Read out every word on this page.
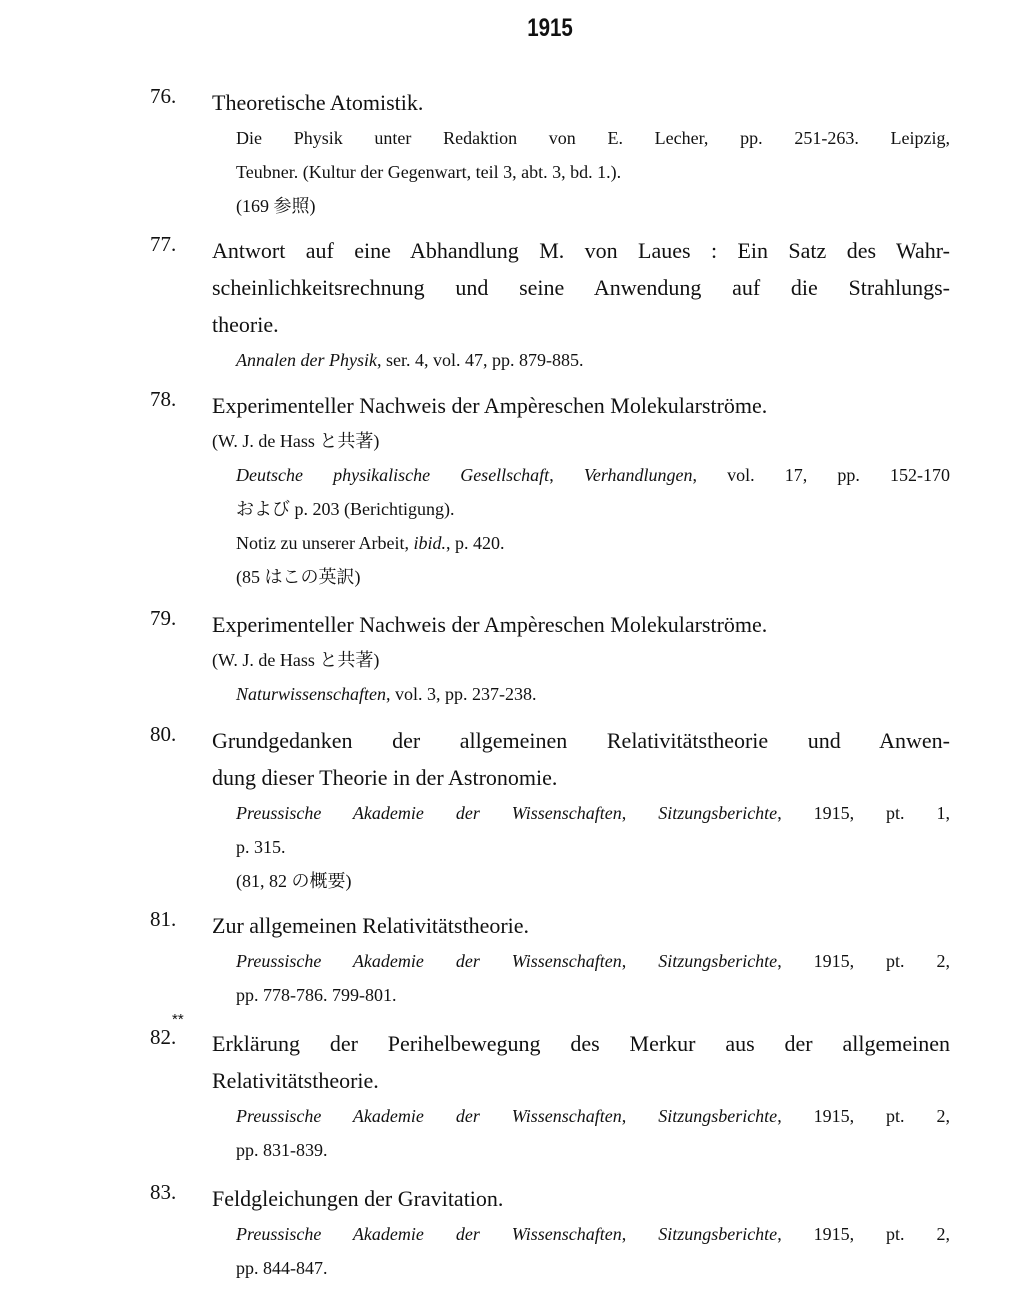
1915
76. Theoretische Atomistik.
Die Physik unter Redaktion von E. Lecher, pp. 251-263. Leipzig,
Teubner. (Kultur der Gegenwart, teil 3, abt. 3, bd. 1.).
(169 参照)
77. Antwort auf eine Abhandlung M. von Laues : Ein Satz des Wahr-
scheinlichkeitsrechnung und seine Anwendung auf die Strahlungs-
theorie.
Annalen der Physik, ser. 4, vol. 47, pp. 879-885.
78. Experimenteller Nachweis der Ampèreschen Molekularströme.
(W. J. de Hass と共著)
Deutsche physikalische Gesellschaft, Verhandlungen, vol. 17, pp. 152-170
および p. 203 (Berichtigung).
Notiz zu unserer Arbeit, ibid., p. 420.
(85 はこの英訳)
79. Experimenteller Nachweis der Ampèreschen Molekularströme.
(W. J. de Hass と共著)
Naturwissenschaften, vol. 3, pp. 237-238.
80. Grundgedanken der allgemeinen Relativitätstheorie und Anwen-
dung dieser Theorie in der Astronomie.
Preussische Akademie der Wissenschaften, Sitzungsberichte, 1915, pt. 1,
p. 315.
(81, 82 の概要)
81. Zur allgemeinen Relativitätstheorie.
Preussische Akademie der Wissenschaften, Sitzungsberichte, 1915, pt. 2,
pp. 778-786. 799-801.
82.
**
Erklärung der Perihelbewegung des Merkur aus der allgemeinen
Relativitätstheorie.
Preussische Akademie der Wissenschaften, Sitzungsberichte, 1915, pt. 2,
pp. 831-839.
83. Feldgleichungen der Gravitation.
Preussische Akademie der Wissenschaften, Sitzungsberichte, 1915, pt. 2,
pp. 844-847.
